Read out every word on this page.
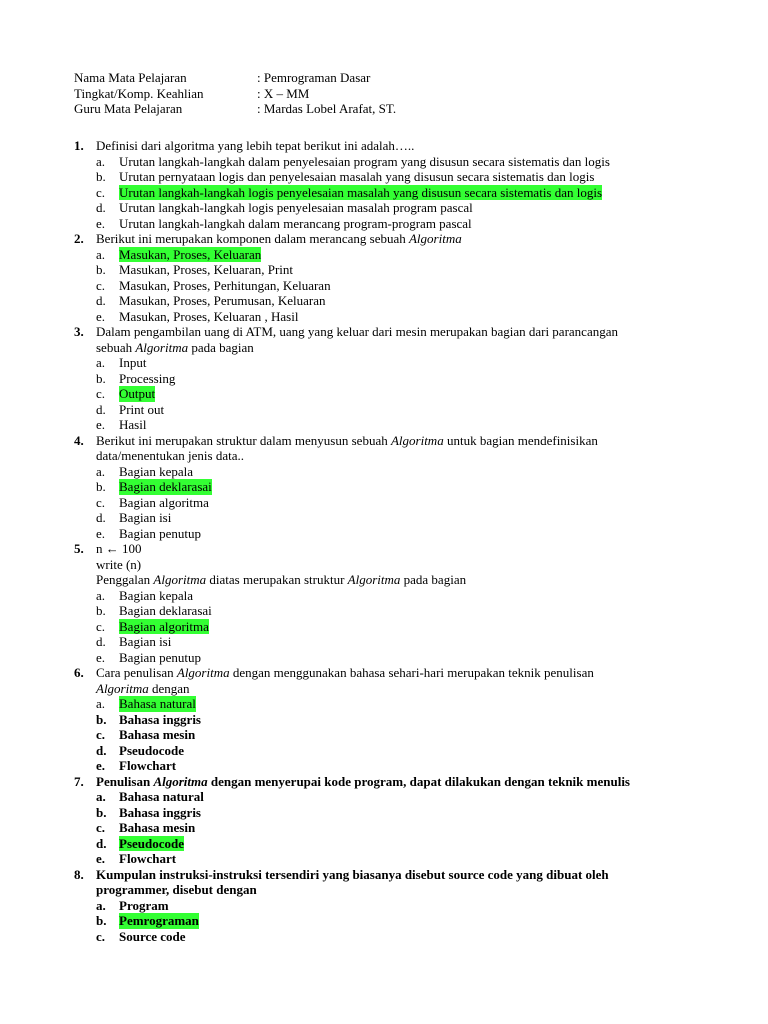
Nama Mata Pelajaran	: Pemrograman Dasar
Tingkat/Komp. Keahlian	: X – MM
Guru Mata Pelajaran	: Mardas Lobel Arafat, ST.
1. Definisi dari algoritma yang lebih tepat berikut ini adalah…..
a.	Urutan langkah-langkah dalam penyelesaian program yang disusun secara sistematis dan logis
b.	Urutan pernyataan logis dan penyelesaian masalah yang disusun secara sistematis dan logis
c.	Urutan langkah-langkah logis penyelesaian masalah yang disusun secara sistematis dan logis
d.	Urutan langkah-langkah logis penyelesaian masalah program pascal
e.	Urutan langkah-langkah dalam merancang program-program pascal
2. Berikut ini merupakan komponen dalam merancang sebuah Algoritma
a.	Masukan, Proses, Keluaran
b.	Masukan, Proses, Keluaran, Print
c.	Masukan, Proses, Perhitungan, Keluaran
d.	Masukan, Proses, Perumusan, Keluaran
e.	Masukan, Proses, Keluaran , Hasil
3. Dalam pengambilan uang di ATM, uang yang keluar dari mesin merupakan bagian dari parancangan
sebuah Algoritma pada bagian
a.	Input
b.	Processing
c.	Output
d.	Print out
e.	Hasil
4. Berikut ini merupakan struktur dalam menyusun sebuah Algoritma untuk bagian mendefinisikan
data/menentukan jenis data..
a.	Bagian kepala
b.	Bagian deklarasai
c.	Bagian algoritma
d.	Bagian isi
e.	Bagian penutup
5. n ← 100
write (n)
Penggalan Algoritma diatas merupakan struktur Algoritma pada bagian
a.	Bagian kepala
b.	Bagian deklarasai
c.	Bagian algoritma
d.	Bagian isi
e.	Bagian penutup
6. Cara penulisan Algoritma dengan menggunakan bahasa sehari-hari merupakan teknik penulisan
Algoritma dengan
a.	Bahasa natural
b. Bahasa inggris
c.	Bahasa mesin
d. Pseudocode
e.	Flowchart
7. Penulisan Algoritma dengan menyerupai kode program, dapat dilakukan dengan teknik menulis
a.	Bahasa natural
b. Bahasa inggris
c.	Bahasa mesin
d. Pseudocode
e.	Flowchart
8. Kumpulan instruksi-instruksi tersendiri yang biasanya disebut source code yang dibuat oleh
programmer, disebut dengan
a.	Program
b. Pemrograman
c.	Source code
